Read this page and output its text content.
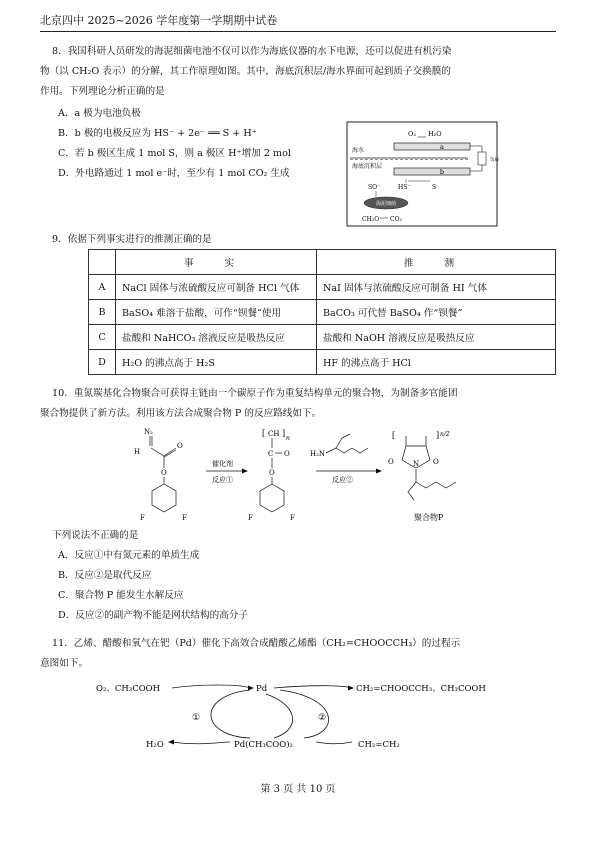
北京四中 2025~2026 学年度第一学期期中试卷

8．我国科研人员研发的海泥细菌电池不仅可以作为海底仪器的水下电源，还可以促进有机污染

物（以 CH₂O 表示）的分解，其工作原理如图。其中，海底沉积层/海水界面可起到质子交换膜的

作用。下列理论分析正确的是

A．a 极为电池负极

B．b 极的电极反应为 HS⁻ + 2e⁻ ══ S + H⁺

C．若 b 极区生成 1 mol S，则 a 极区 H⁺增加 2 mol

D．外电路通过 1 mol e⁻时，至少有 1 mol CO₂ 生成

a
b
O₂ H₂O
海水
海底沉积层
负载
SO⁻	HS⁻	S
海泥细菌
CH₂O CO₂
9．依据下列事实进行的推测正确的是
	事 实	推 测
A	NaCl 固体与浓硫酸反应可制备 HCl 气体	NaI 固体与浓硫酸反应可制备 HI 气体
B	BaSO₄ 难溶于盐酸，可作“钡餐”使用	BaCO₃ 可代替 BaSO₄ 作“钡餐”
C	盐酸和 NaHCO₃ 溶液反应是吸热反应	盐酸和 NaOH 溶液反应是吸热反应
D	H₂O 的沸点高于 H₂S	HF 的沸点高于 HCl

10．重氮羰基化合物聚合可获得主链由一个碳原子作为重复结构单元的聚合物，为制备多官能团

聚合物提供了新方法。利用该方法合成聚合物 P 的反应路线如下。

N₂
H
O
O
F	F
催化剂
反应①
[ CH ]
n
C O
O
F	F
H₂N
反应②
[	] n/2
O	O
N
聚合物P

下列说法不正确的是

A．反应①中有氮元素的单质生成

B．反应②是取代反应

C．聚合物 P 能发生水解反应

D．反应②的副产物不能是网状结构的高分子

11．乙烯、醋酸和氧气在钯（Pd）催化下高效合成醋酸乙烯酯（CH₂=CHOOCCH₃）的过程示

意图如下。

O₂、CH₃COOH
H₂O
Pd
Pd(CH₃COO)₂
CH₂=CHOOCCH₃、CH₃COOH
CH₂=CH₂
①	②
第 3 页 共 10 页
